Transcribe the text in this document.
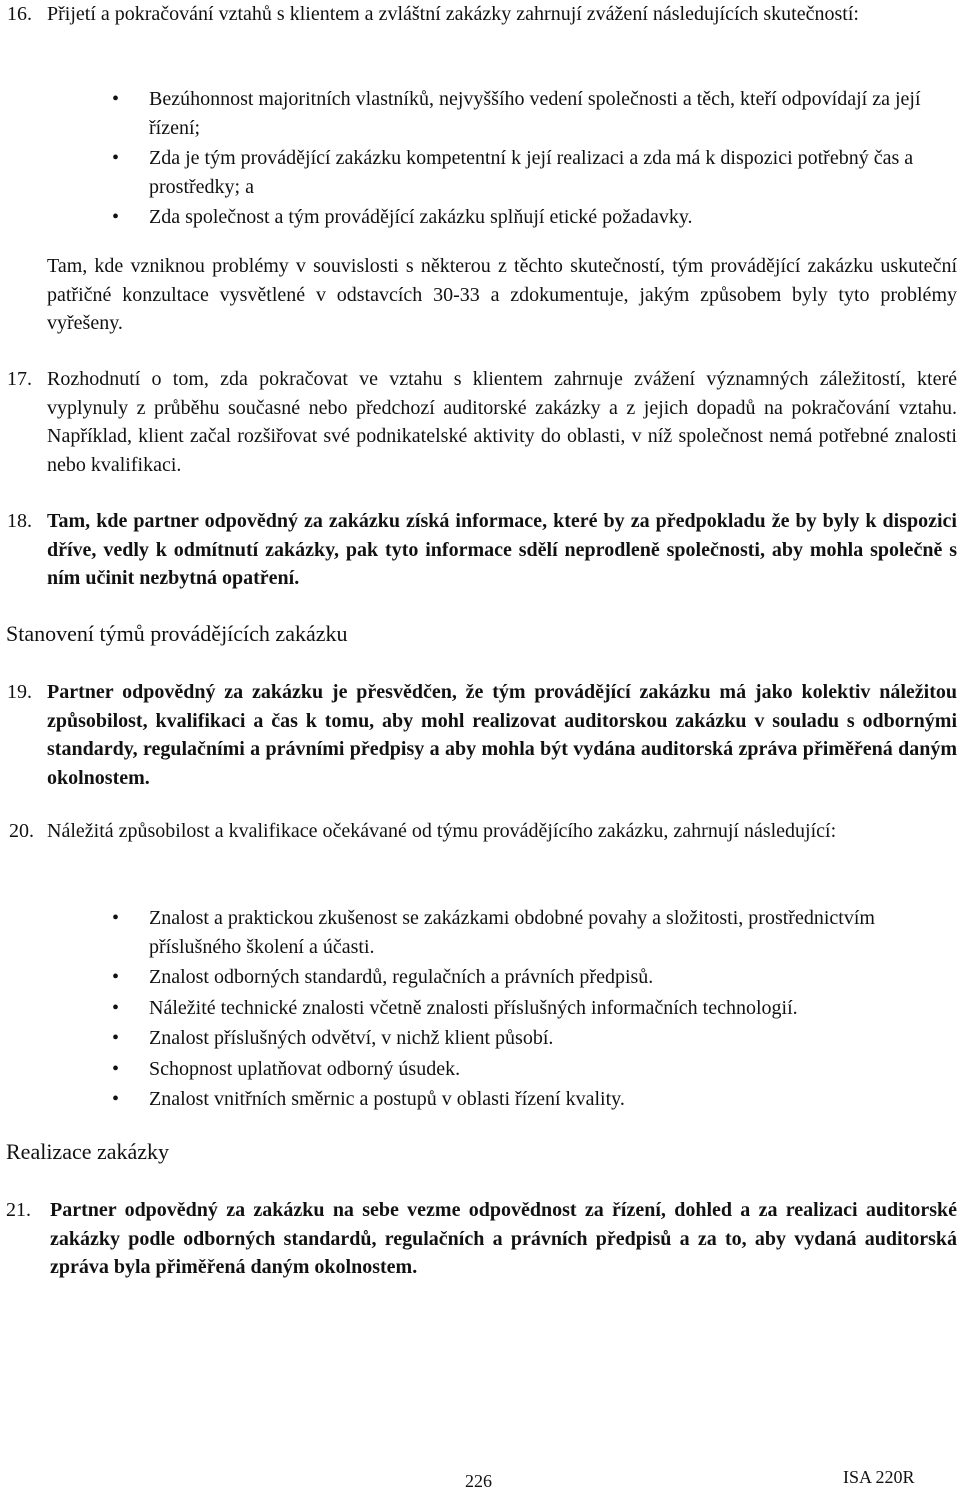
16. Přijetí a pokračování vztahů s klientem a zvláštní zakázky zahrnují zvážení následujících skutečností:

• Bezúhonnost majoritních vlastníků, nejvyššího vedení společnosti a těch, kteří odpovídají za její řízení;
• Zda je tým provádějící zakázku kompetentní k její realizaci a zda má k dispozici potřebný čas a prostředky; a
• Zda společnost a tým provádějící zakázku splňují etické požadavky.

Tam, kde vzniknou problémy v souvislosti s některou z těchto skutečností, tým provádějící zakázku uskuteční patřičné konzultace vysvětlené v odstavcích 30-33 a zdokumentuje, jakým způsobem byly tyto problémy vyřešeny.

17. Rozhodnutí o tom, zda pokračovat ve vztahu s klientem zahrnuje zvážení významných záležitostí, které vyplynuly z průběhu současné nebo předchozí auditorské zakázky a z jejich dopadů na pokračování vztahu. Například, klient začal rozšiřovat své podnikatelské aktivity do oblasti, v níž společnost nemá potřebné znalosti nebo kvalifikaci.

18. Tam, kde partner odpovědný za zakázku získá informace, které by za předpokladu že by byly k dispozici dříve, vedly k odmítnutí zakázky, pak tyto informace sdělí neprodleně společnosti, aby mohla společně s ním učinit nezbytná opatření.

Stanovení týmů provádějících zakázku

19. Partner odpovědný za zakázku je přesvědčen, že tým provádějící zakázku má jako kolektiv náležitou způsobilost, kvalifikaci a čas k tomu, aby mohl realizovat auditorskou zakázku v souladu s odbornými standardy, regulačními a právními předpisy a aby mohla být vydána auditorská zpráva přiměřená daným okolnostem.

20. Náležitá způsobilost a kvalifikace očekávané od týmu provádějícího zakázku, zahrnují následující:

• Znalost a praktickou zkušenost se zakázkami obdobné povahy a složitosti, prostřednictvím příslušného školení a účasti.
• Znalost odborných standardů, regulačních a právních předpisů.
• Náležité technické znalosti včetně znalosti příslušných informačních technologií.
• Znalost příslušných odvětví, v nichž klient působí.
• Schopnost uplatňovat odborný úsudek.
• Znalost vnitřních směrnic a postupů v oblasti řízení kvality.
Realizace zakázky

21. Partner odpovědný za zakázku na sebe vezme odpovědnost za řízení, dohled a za realizaci auditorské zakázky podle odborných standardů, regulačních a právních předpisů a za to, aby vydaná auditorská zpráva byla přiměřená daným okolnostem.

226	ISA 220R
